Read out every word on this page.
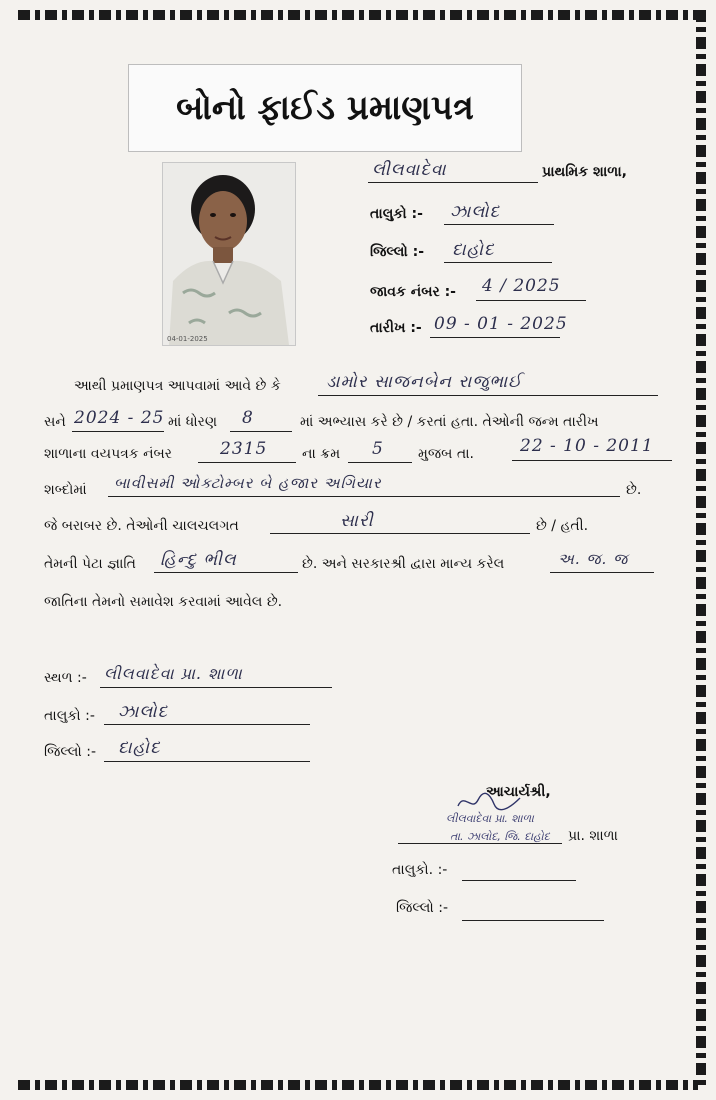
બોનો ફાઈડ પ્રમાણપત્ર
04-01-2025
લીલવાદેવા	પ્રાથમિક શાળા,
તાલુકો :- ઝાલોદ
જિલ્લો :- દાહોદ
જાવક નંબર :- 4 / 2025
તારીખ :- 09 - 01 - 2025
આથી પ્રમાણપત્ર આપવામાં આવે છે કે	ડામોર સાજનબેન રાજુભાઈ
સને 2024 - 25 માં ધોરણ 8	માં અભ્યાસ કરે છે / કરતાં હતા. તેઓની જન્મ તારીખ
શાળાના વયપત્રક નંબર	2315 ના ક્રમ 5 મુજબ તા.	22 - 10 - 2011
શબ્દોમાં બાવીસમી ઓક્ટોમ્બર બે હજાર અગિયાર	છે.
જે બરાબર છે. તેઓની ચાલચલગત	સારી	છે / હતી.
તેમની પેટા જ્ઞાતિ હિન્દુ ભીલ	છે. અને સરકારશ્રી દ્વારા માન્ય કરેલ	અ. જ. જ
જાતિના તેમનો સમાવેશ કરવામાં આવેલ છે.
સ્થળ :- લીલવાદેવા પ્રા. શાળા
તાલુકો :- ઝાલોદ
જિલ્લો :- દાહોદ
આચાર્યશ્રી,
લીલવાદેવા પ્રા. શાળા
તા. ઝાલોદ, જિ. દાહોદ પ્રા. શાળા
તાલુકો. :-
જિલ્લો :-
